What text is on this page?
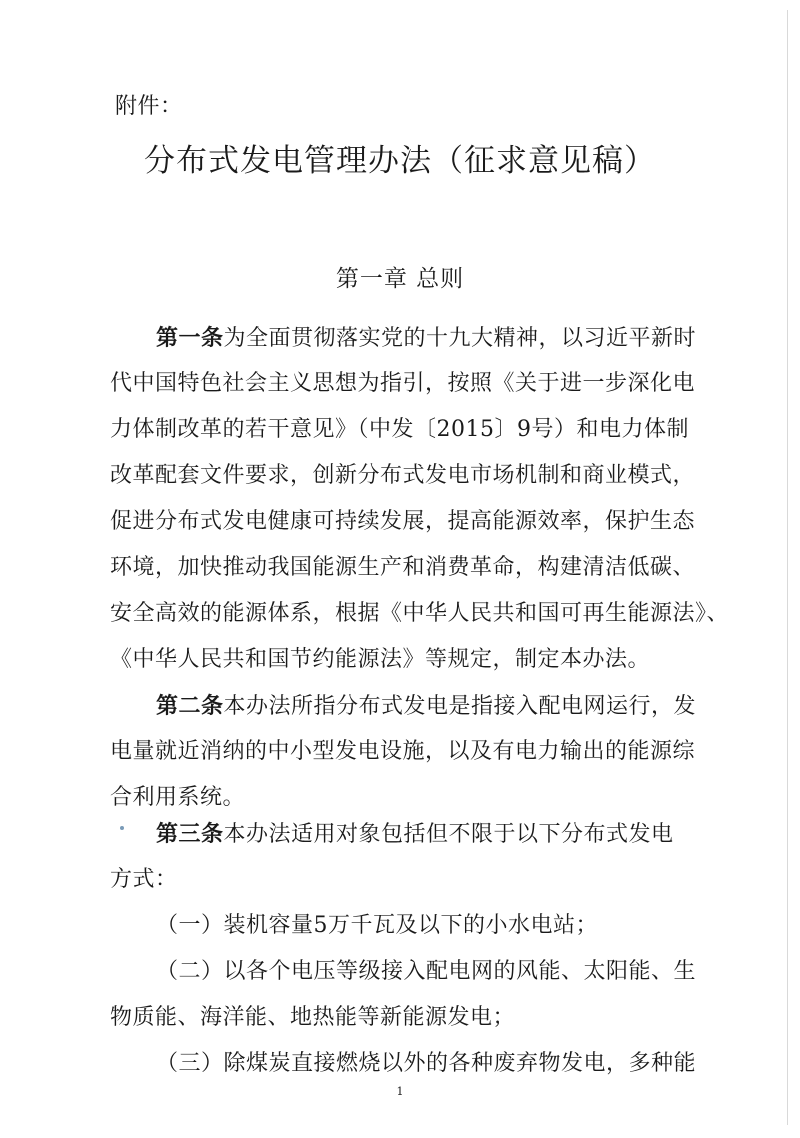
附件：
分布式发电管理办法（征求意见稿）
第一章 总则
第一条为全面贯彻落实党的十九大精神，以习近平新时
代中国特色社会主义思想为指引，按照《关于进一步深化电
力体制改革的若干意见》（中发〔2015〕9号）和电力体制
改革配套文件要求，创新分布式发电市场机制和商业模式，
促进分布式发电健康可持续发展，提高能源效率，保护生态
环境，加快推动我国能源生产和消费革命，构建清洁低碳、
安全高效的能源体系，根据《中华人民共和国可再生能源法》、
《中华人民共和国节约能源法》等规定，制定本办法。
第二条本办法所指分布式发电是指接入配电网运行，发
电量就近消纳的中小型发电设施，以及有电力输出的能源综
合利用系统。
第三条本办法适用对象包括但不限于以下分布式发电
方式：
（一）装机容量5万千瓦及以下的小水电站；
（二）以各个电压等级接入配电网的风能、太阳能、生
物质能、海洋能、地热能等新能源发电；
（三）除煤炭直接燃烧以外的各种废弃物发电，多种能
1
